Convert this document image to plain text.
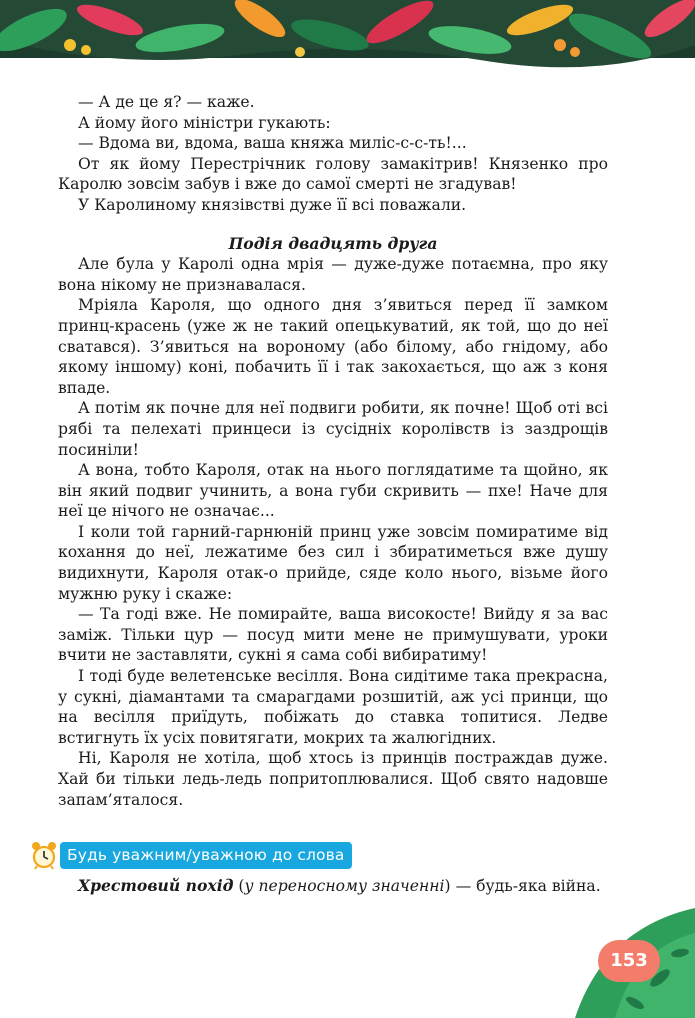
— А де це я? — каже.

А йому його міністри гукають:

— Вдома ви, вдома, ваша княжа миліс-с-с-ть!...

От як йому Перестрічник голову замакітрив! Князенко про Каролю зовсім забув і вже до самої смерті не згадував!

У Каролиному князівстві дуже її всі поважали.

Подія двадцять друга

Але була у Каролі одна мрія — дуже-дуже потаємна, про яку вона нікому не признавалася.

Мріяла Кароля, що одного дня з’явиться перед її замком принц-красень (уже ж не такий опецькуватий, як той, що до неї сватався). З’явиться на вороному (або білому, або гнідому, або якому іншому) коні, побачить її і так закохається, що аж з коня впаде.

А потім як почне для неї подвиги робити, як почне! Щоб оті всі рябі та пелехаті принцеси із сусідніх королівств із заздрощів посиніли!

А вона, тобто Кароля, отак на нього поглядатиме та щойно, як він який подвиг учинить, а вона губи скривить — пхе! Наче для неї це нічого не означає...

І коли той гарний-гарнюній принц уже зовсім помиратиме від кохання до неї, лежатиме без сил і збиратиметься вже душу видихнути, Кароля отак-о прийде, сяде коло нього, візьме його мужню руку і скаже:

— Та годі вже. Не помирайте, ваша високосте! Вийду я за вас заміж. Тільки цур — посуд мити мене не примушувати, уроки вчити не заставляти, сукні я сама собі вибиратиму!

І тоді буде велетенське весілля. Вона сидітиме така прекрасна, у сукні, діамантами та смарагдами розшитій, аж усі принци, що на весілля приїдуть, побіжать до ставка топитися. Ледве встигнуть їх усіх повитягати, мокрих та жалюгідних.

Ні, Кароля не хотіла, щоб хтось із принців постраждав дуже. Хай би тільки ледь-ледь попритоплювалися. Щоб свято надовше запам’яталося.

Будь уважним/уважною до слова

Хрестовий похід (у переносному значенні) — будь-яка війна.

153
